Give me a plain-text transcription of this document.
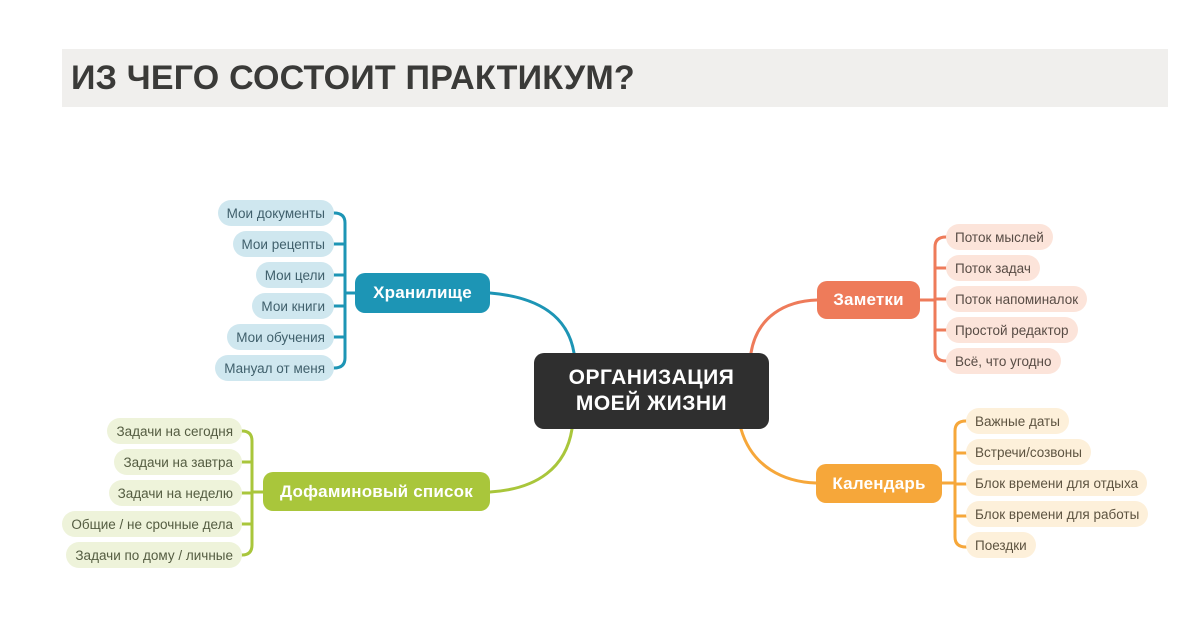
ИЗ ЧЕГО СОСТОИТ ПРАКТИКУМ?
ОРГАНИЗАЦИЯ
МОЕЙ ЖИЗНИ
Хранилище	Заметки
Дофаминовый список	Календарь
Мои документы
Мои рецепты
Мои цели
Мои книги
Мои обучения
Мануал от меня
Поток мыслей
Поток задач
Поток напоминалок
Простой редактор
Всё, что угодно
Задачи на сегодня
Задачи на завтра
Задачи на неделю
Общие / не срочные дела
Задачи по дому / личные
Важные даты
Встречи/созвоны
Блок времени для отдыха
Блок времени для работы
Поездки
